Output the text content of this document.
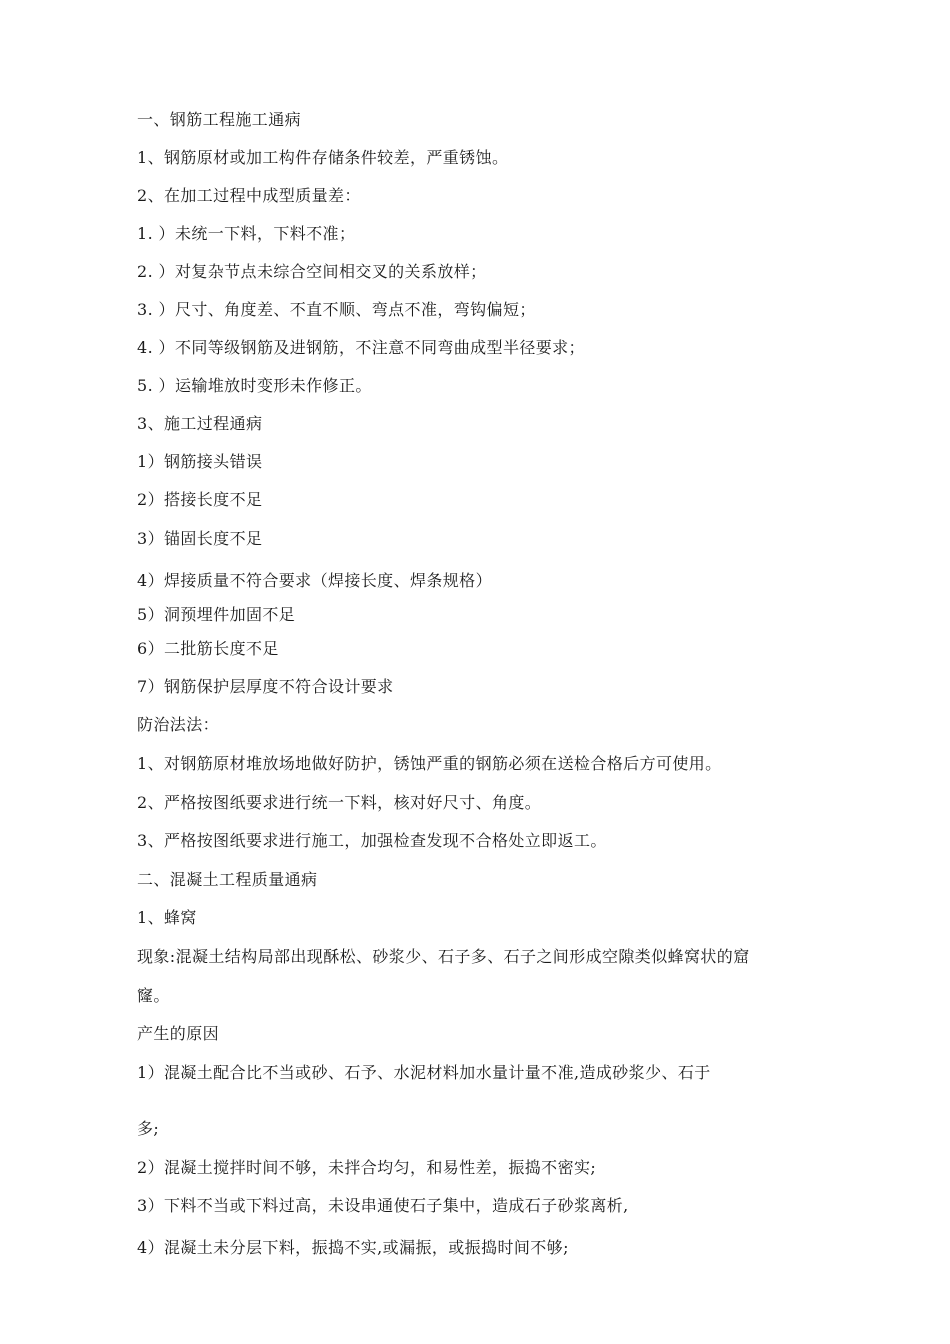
一、钢筋工程施工通病
1、钢筋原材或加工构件存储条件较差，严重锈蚀。
2、在加工过程中成型质量差：
1. ）未统一下料，下料不准；
2. ）对复杂节点未综合空间相交叉的关系放样；
3. ）尺寸、角度差、不直不顺、弯点不准，弯钩偏短；
4. ）不同等级钢筋及进钢筋，不注意不同弯曲成型半径要求；
5. ）运输堆放时变形未作修正。
3、施工过程通病
1）钢筋接头错误
2）搭接长度不足
3）锚固长度不足
4）焊接质量不符合要求（焊接长度、焊条规格）
5）洞预埋件加固不足
6）二批筋长度不足
7）钢筋保护层厚度不符合设计要求
防治法法：
1、对钢筋原材堆放场地做好防护，锈蚀严重的钢筋必须在送检合格后方可使用。
2、严格按图纸要求进行统一下料，核对好尺寸、角度。
3、严格按图纸要求进行施工，加强检查发现不合格处立即返工。
二、混凝土工程质量通病
1、蜂窝
现象:混凝土结构局部出现酥松、砂浆少、石子多、石子之间形成空隙类似蜂窝状的窟
窿。
产生的原因
1）混凝土配合比不当或砂、石予、水泥材料加水量计量不准,造成砂浆少、石于
多;
2）混凝土搅拌时间不够，未拌合均匀，和易性差，振捣不密实;
3）下料不当或下料过高，未设串通使石子集中，造成石子砂浆离析,
4）混凝土未分层下料，振捣不实,或漏振，或振捣时间不够;
